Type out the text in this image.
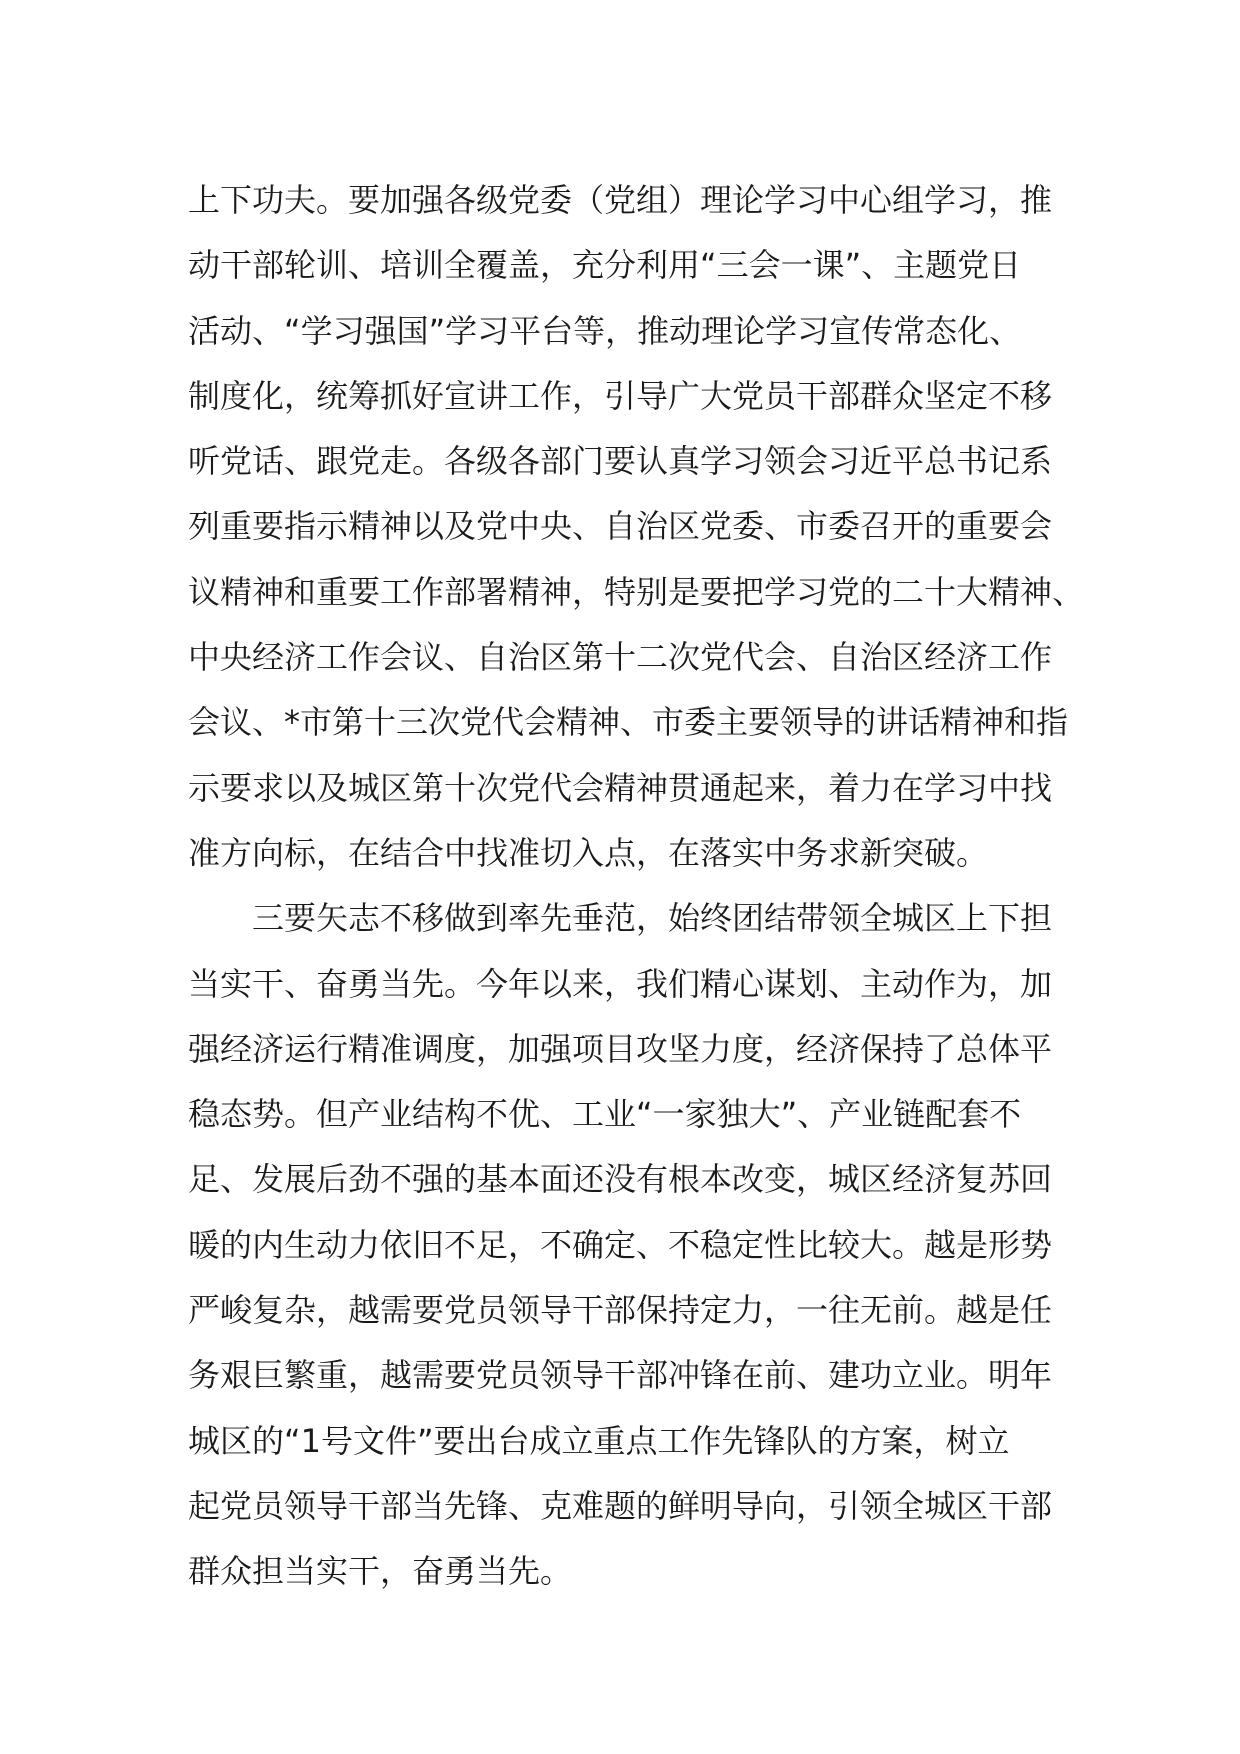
上下功夫。要加强各级党委（党组）理论学习中心组学习，推
动干部轮训、培训全覆盖，充分利用“三会一课”、主题党日
活动、“学习强国”学习平台等，推动理论学习宣传常态化、
制度化，统筹抓好宣讲工作，引导广大党员干部群众坚定不移
听党话、跟党走。各级各部门要认真学习领会习近平总书记系
列重要指示精神以及党中央、自治区党委、市委召开的重要会
议精神和重要工作部署精神，特别是要把学习党的二十大精神、
中央经济工作会议、自治区第十二次党代会、自治区经济工作
会议、*市第十三次党代会精神、市委主要领导的讲话精神和指
示要求以及城区第十次党代会精神贯通起来，着力在学习中找
准方向标，在结合中找准切入点，在落实中务求新突破。
三要矢志不移做到率先垂范，始终团结带领全城区上下担
当实干、奋勇当先。今年以来，我们精心谋划、主动作为，加
强经济运行精准调度，加强项目攻坚力度，经济保持了总体平
稳态势。但产业结构不优、工业“一家独大”、产业链配套不
足、发展后劲不强的基本面还没有根本改变，城区经济复苏回
暖的内生动力依旧不足，不确定、不稳定性比较大。越是形势
严峻复杂，越需要党员领导干部保持定力，一往无前。越是任
务艰巨繁重，越需要党员领导干部冲锋在前、建功立业。明年
城区的“1号文件”要出台成立重点工作先锋队的方案，树立
起党员领导干部当先锋、克难题的鲜明导向，引领全城区干部
群众担当实干，奋勇当先。
